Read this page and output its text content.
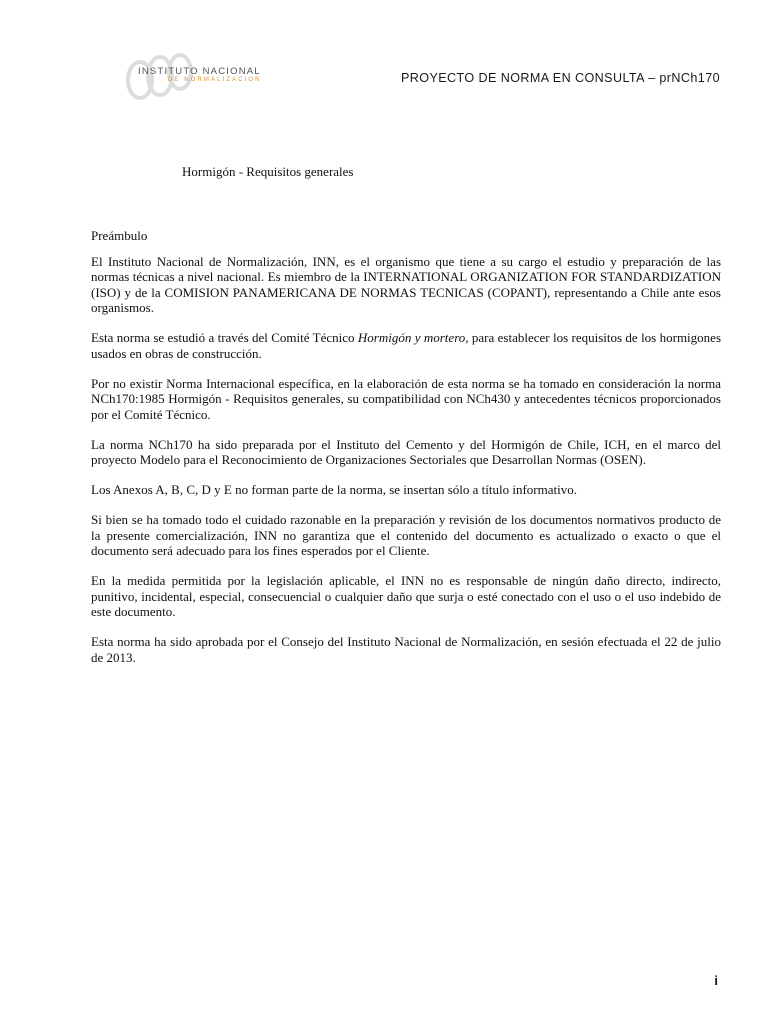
INSTITUTO NACIONAL
DE NORMALIZACION	PROYECTO DE NORMA EN CONSULTA – prNCh170
Hormigón - Requisitos generales

Preámbulo

El Instituto Nacional de Normalización, INN, es el organismo que tiene a su cargo el estudio y preparación de las normas técnicas a nivel nacional. Es miembro de la INTERNATIONAL ORGANIZATION FOR STANDARDIZATION (ISO) y de la COMISION PANAMERICANA DE NORMAS TECNICAS (COPANT), representando a Chile ante esos organismos.

Esta norma se estudió a través del Comité Técnico Hormigón y mortero, para establecer los requisitos de los hormigones usados en obras de construcción.

Por no existir Norma Internacional específica, en la elaboración de esta norma se ha tomado en consideración la norma NCh170:1985 Hormigón - Requisitos generales, su compatibilidad con NCh430 y antecedentes técnicos proporcionados por el Comité Técnico.

La norma NCh170 ha sido preparada por el Instituto del Cemento y del Hormigón de Chile, ICH, en el marco del proyecto Modelo para el Reconocimiento de Organizaciones Sectoriales que Desarrollan Normas (OSEN).

Los Anexos A, B, C, D y E no forman parte de la norma, se insertan sólo a título informativo.

Si bien se ha tomado todo el cuidado razonable en la preparación y revisión de los documentos normativos producto de la presente comercialización, INN no garantiza que el contenido del documento es actualizado o exacto o que el documento será adecuado para los fines esperados por el Cliente.

En la medida permitida por la legislación aplicable, el INN no es responsable de ningún daño directo, indirecto, punitivo, incidental, especial, consecuencial o cualquier daño que surja o esté conectado con el uso o el uso indebido de este documento.

Esta norma ha sido aprobada por el Consejo del Instituto Nacional de Normalización, en sesión efectuada el 22 de julio de 2013.

i
